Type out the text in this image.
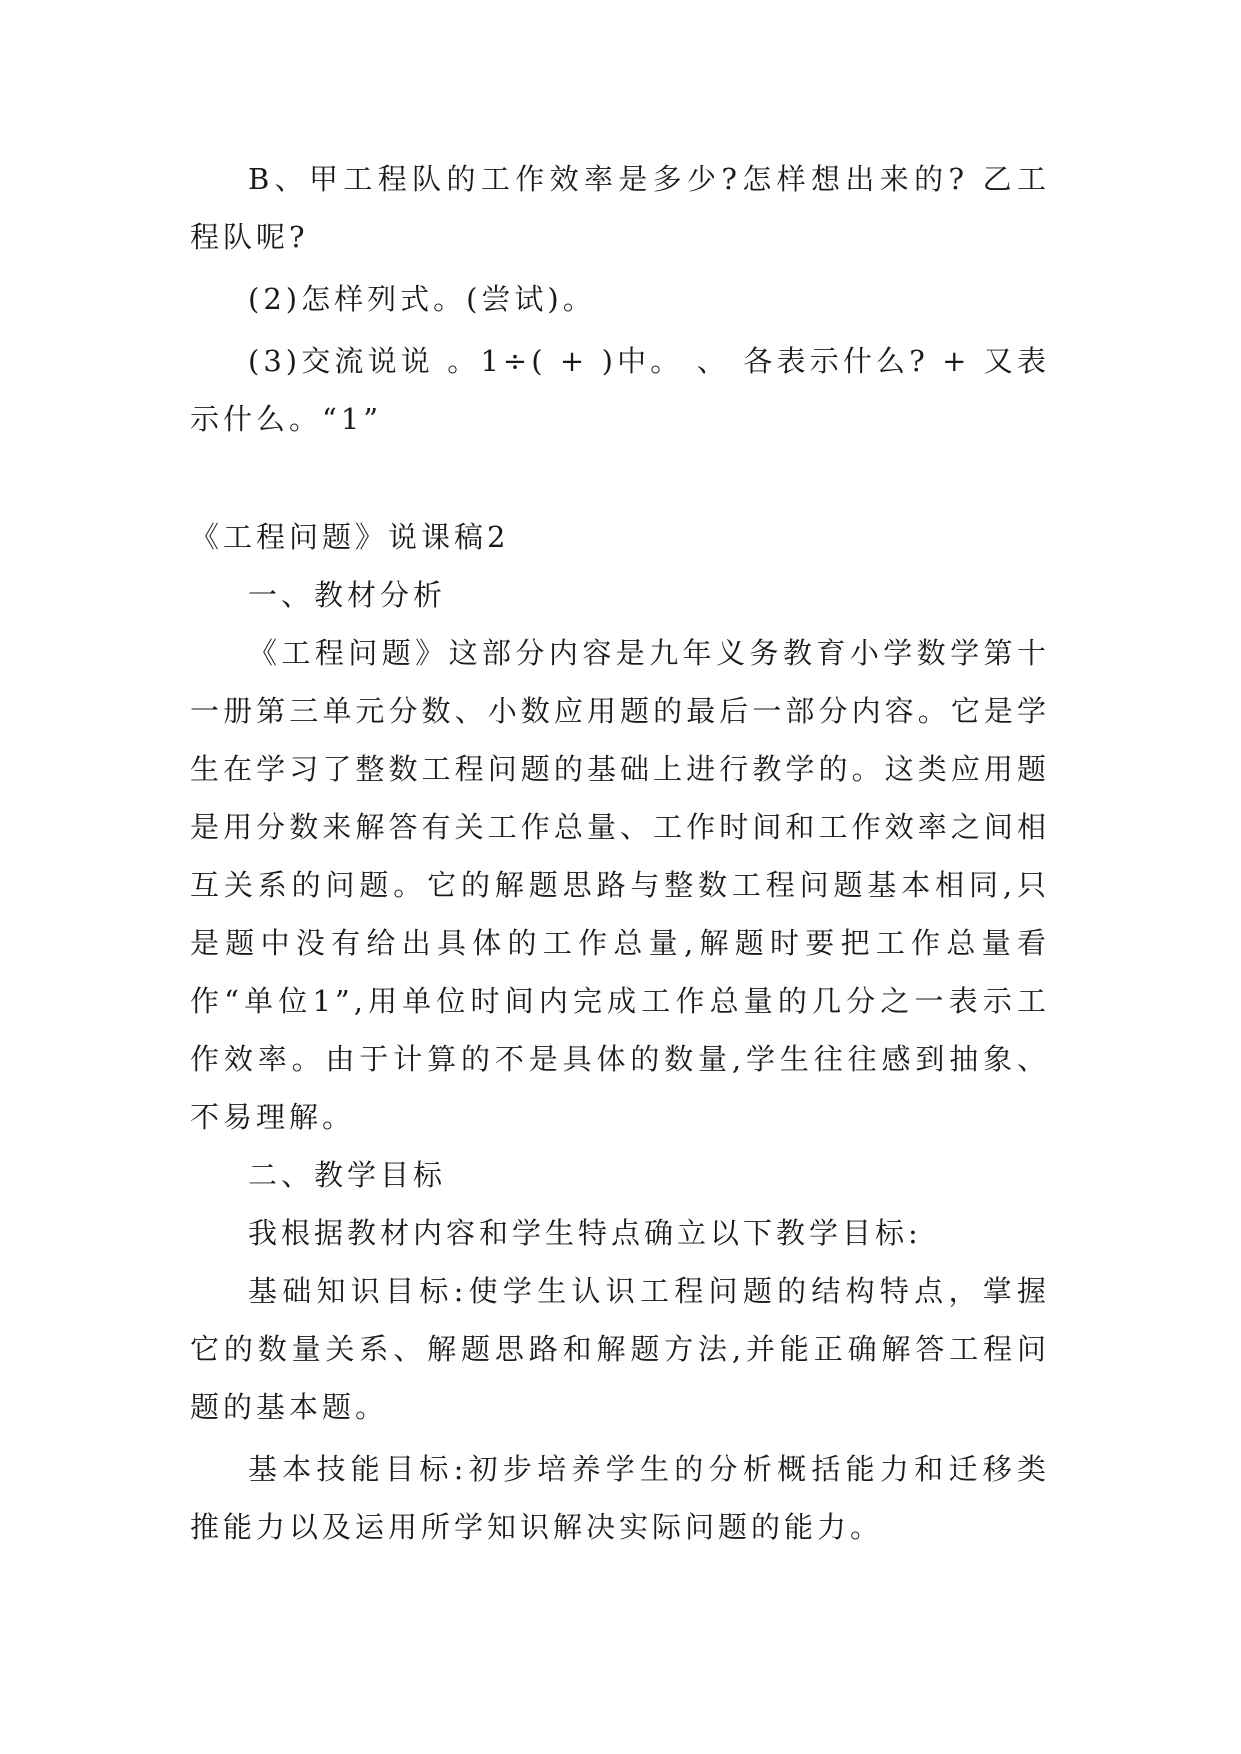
B、甲工程队的工作效率是多少?怎样想出来的? 乙工程队呢?

(2)怎样列式。(尝试)。

(3)交流说说 。1÷( + )中。 、 各表示什么? + 又表示什么。“1”

《工程问题》说课稿2

一、教材分析

《工程问题》这部分内容是九年义务教育小学数学第十一册第三单元分数、小数应用题的最后一部分内容。它是学生在学习了整数工程问题的基础上进行教学的。这类应用题是用分数来解答有关工作总量、工作时间和工作效率之间相互关系的问题。它的解题思路与整数工程问题基本相同,只是题中没有给出具体的工作总量,解题时要把工作总量看作“单位1”,用单位时间内完成工作总量的几分之一表示工作效率。由于计算的不是具体的数量,学生往往感到抽象、不易理解。

二、教学目标

我根据教材内容和学生特点确立以下教学目标:

基础知识目标:使学生认识工程问题的结构特点，掌握它的数量关系、解题思路和解题方法,并能正确解答工程问题的基本题。

基本技能目标:初步培养学生的分析概括能力和迁移类推能力以及运用所学知识解决实际问题的能力。
